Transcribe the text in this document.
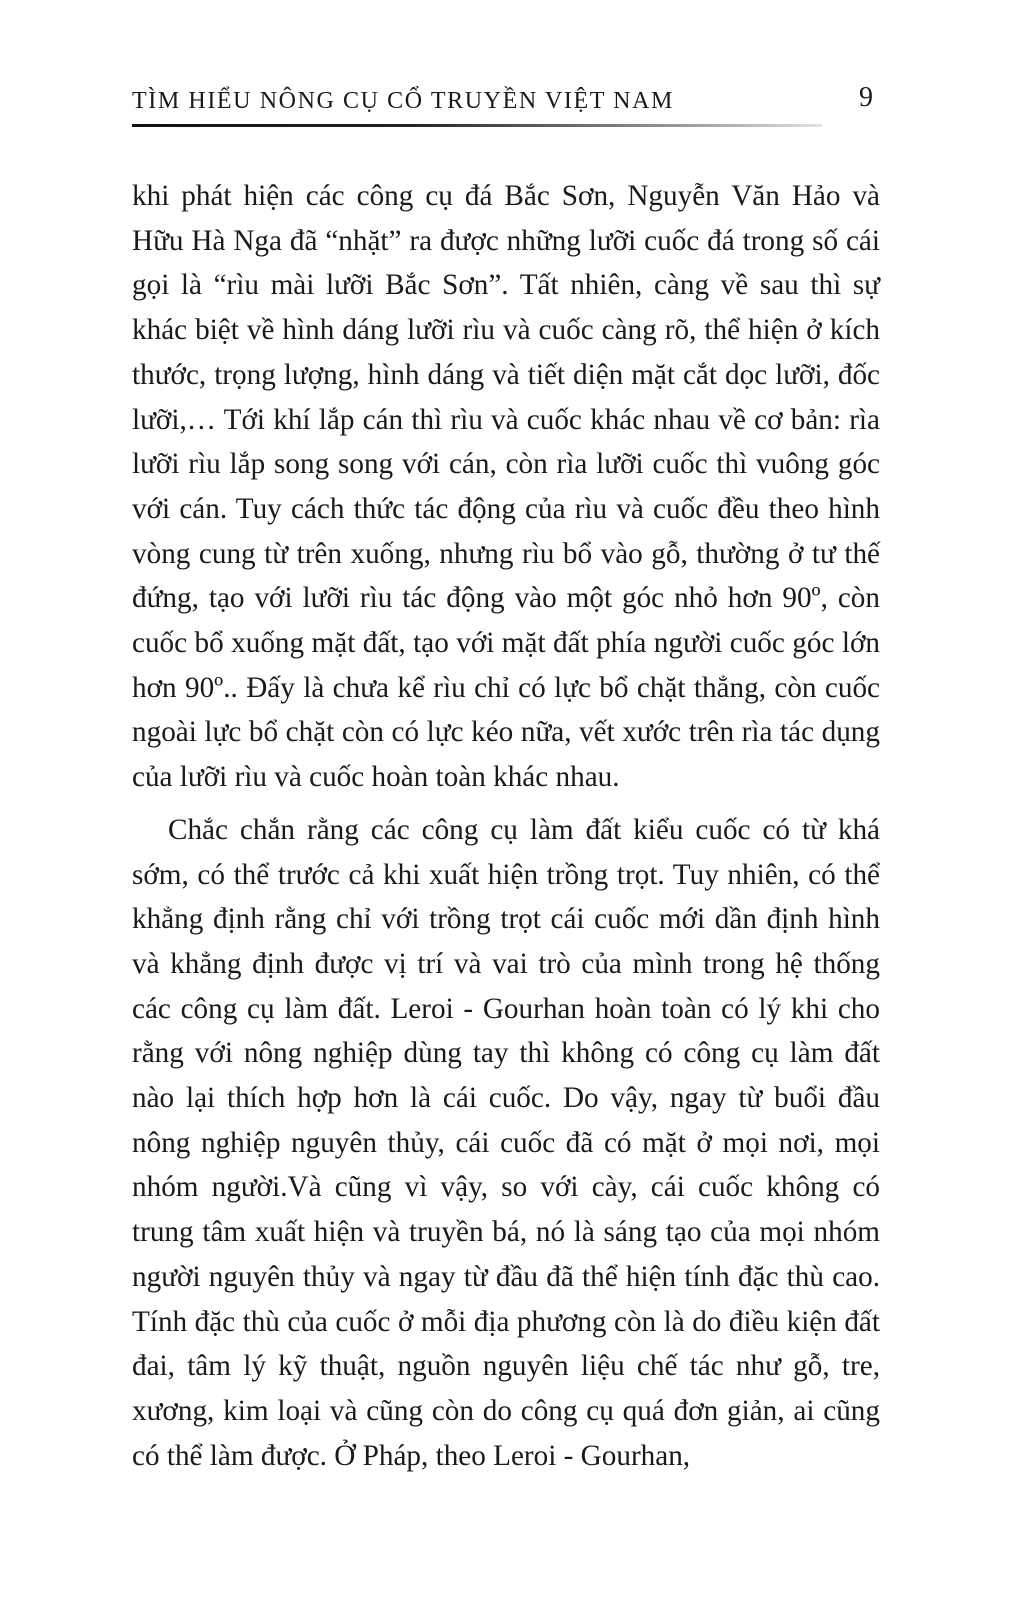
TÌM HIỂU NÔNG CỤ CỔ TRUYỀN VIỆT NAM	9

khi phát hiện các công cụ đá Bắc Sơn, Nguyễn Văn Hảo và Hữu Hà Nga đã “nhặt” ra được những lưỡi cuốc đá trong số cái gọi là “rìu mài lưỡi Bắc Sơn”. Tất nhiên, càng về sau thì sự khác biệt về hình dáng lưỡi rìu và cuốc càng rõ, thể hiện ở kích thước, trọng lượng, hình dáng và tiết diện mặt cắt dọc lưỡi, đốc lưỡi,… Tới khí lắp cán thì rìu và cuốc khác nhau về cơ bản: rìa lưỡi rìu lắp song song với cán, còn rìa lưỡi cuốc thì vuông góc với cán. Tuy cách thức tác động của rìu và cuốc đều theo hình vòng cung từ trên xuống, nhưng rìu bổ vào gỗ, thường ở tư thế đứng, tạo với lưỡi rìu tác động vào một góc nhỏ hơn 90º, còn cuốc bổ xuống mặt đất, tạo với mặt đất phía người cuốc góc lớn hơn 90º.. Đấy là chưa kể rìu chỉ có lực bổ chặt thẳng, còn cuốc ngoài lực bổ chặt còn có lực kéo nữa, vết xước trên rìa tác dụng của lưỡi rìu và cuốc hoàn toàn khác nhau.

Chắc chắn rằng các công cụ làm đất kiểu cuốc có từ khá sớm, có thể trước cả khi xuất hiện trồng trọt. Tuy nhiên, có thể khẳng định rằng chỉ với trồng trọt cái cuốc mới dần định hình và khẳng định được vị trí và vai trò của mình trong hệ thống các công cụ làm đất. Leroi - Gourhan hoàn toàn có lý khi cho rằng với nông nghiệp dùng tay thì không có công cụ làm đất nào lại thích hợp hơn là cái cuốc. Do vậy, ngay từ buổi đầu nông nghiệp nguyên thủy, cái cuốc đã có mặt ở mọi nơi, mọi nhóm người.Và cũng vì vậy, so với cày, cái cuốc không có trung tâm xuất hiện và truyền bá, nó là sáng tạo của mọi nhóm người nguyên thủy và ngay từ đầu đã thể hiện tính đặc thù cao. Tính đặc thù của cuốc ở mỗi địa phương còn là do điều kiện đất đai, tâm lý kỹ thuật, nguồn nguyên liệu chế tác như gỗ, tre, xương, kim loại và cũng còn do công cụ quá đơn giản, ai cũng có thể làm được. Ở Pháp, theo Leroi - Gourhan,
